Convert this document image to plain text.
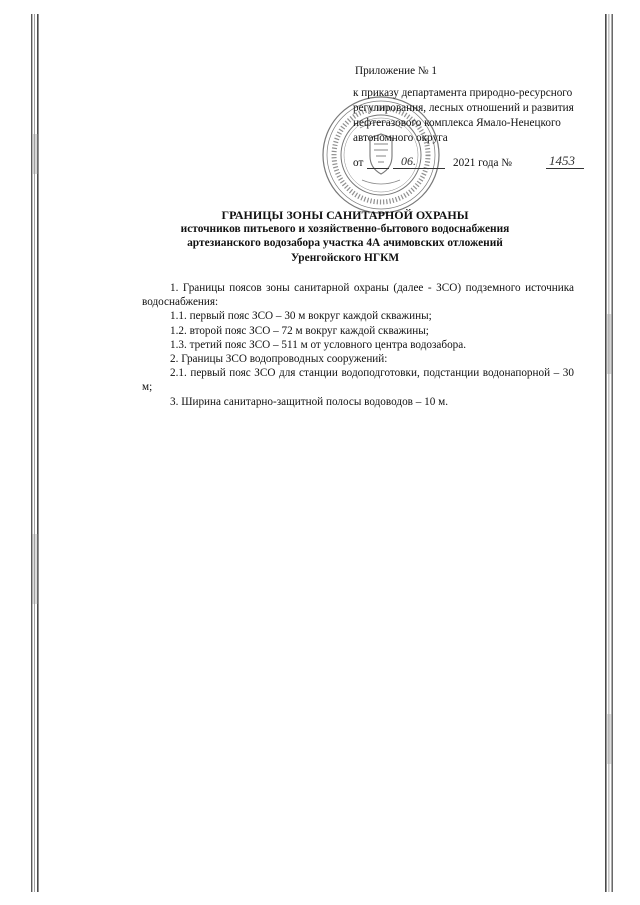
Приложение № 1
к приказу департамента природно-ресурсного регулирования, лесных отношений и развития нефтегазового комплекса Ямало-Ненецкого автономного округа
от	06.	2021 года №	1453
ГРАНИЦЫ ЗОНЫ САНИТАРНОЙ ОХРАНЫ
источников питьевого и хозяйственно-бытового водоснабжения
артезианского водозабора участка 4А ачимовских отложений
Уренгойского НГКМ

1. Границы поясов зоны санитарной охраны (далее - ЗСО) подземного источника водоснабжения:

1.1. первый пояс ЗСО – 30 м вокруг каждой скважины;

1.2. второй пояс ЗСО – 72 м вокруг каждой скважины;

1.3. третий пояс ЗСО – 511 м от условного центра водозабора.

2. Границы ЗСО водопроводных сооружений:

2.1. первый пояс ЗСО для станции водоподготовки, подстанции водонапорной – 30 м;

3. Ширина санитарно-защитной полосы водоводов – 10 м.
